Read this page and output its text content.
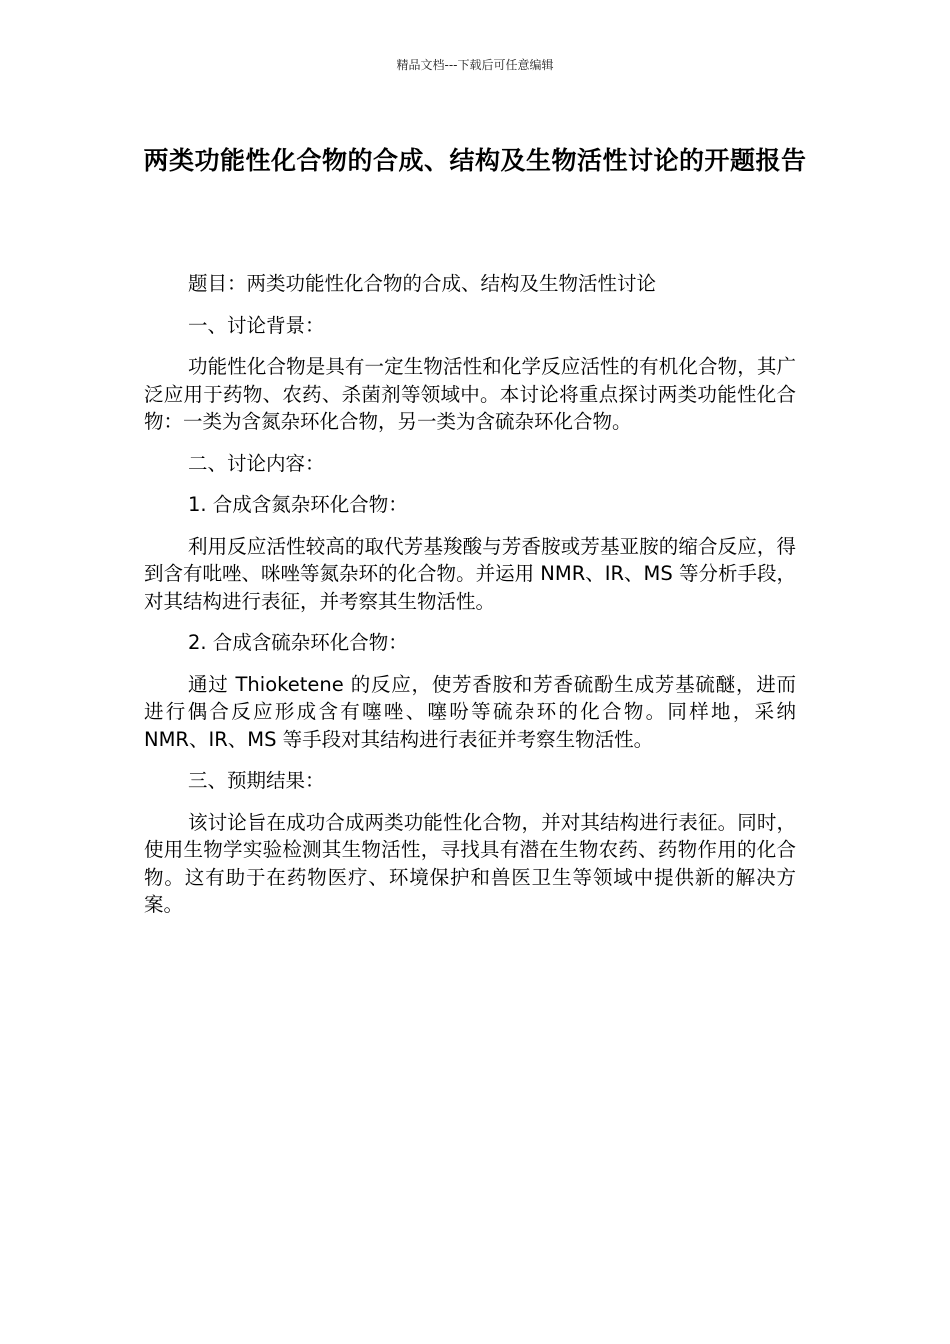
精品文档---下载后可任意编辑
两类功能性化合物的合成、结构及生物活性讨论的开题报告

题目：两类功能性化合物的合成、结构及生物活性讨论

一、讨论背景：

功能性化合物是具有一定生物活性和化学反应活性的有机化合物，其广泛应用于药物、农药、杀菌剂等领域中。本讨论将重点探讨两类功能性化合物：一类为含氮杂环化合物，另一类为含硫杂环化合物。

二、讨论内容：

1. 合成含氮杂环化合物：

利用反应活性较高的取代芳基羧酸与芳香胺或芳基亚胺的缩合反应，得到含有吡唑、咪唑等氮杂环的化合物。并运用 NMR、IR、MS 等分析手段，对其结构进行表征，并考察其生物活性。

2. 合成含硫杂环化合物：

通过 Thioketene 的反应，使芳香胺和芳香硫酚生成芳基硫醚，进而进行偶合反应形成含有噻唑、噻吩等硫杂环的化合物。同样地，采纳 NMR、IR、MS 等手段对其结构进行表征并考察生物活性。

三、预期结果：

该讨论旨在成功合成两类功能性化合物，并对其结构进行表征。同时，使用生物学实验检测其生物活性，寻找具有潜在生物农药、药物作用的化合物。这有助于在药物医疗、环境保护和兽医卫生等领域中提供新的解决方案。
